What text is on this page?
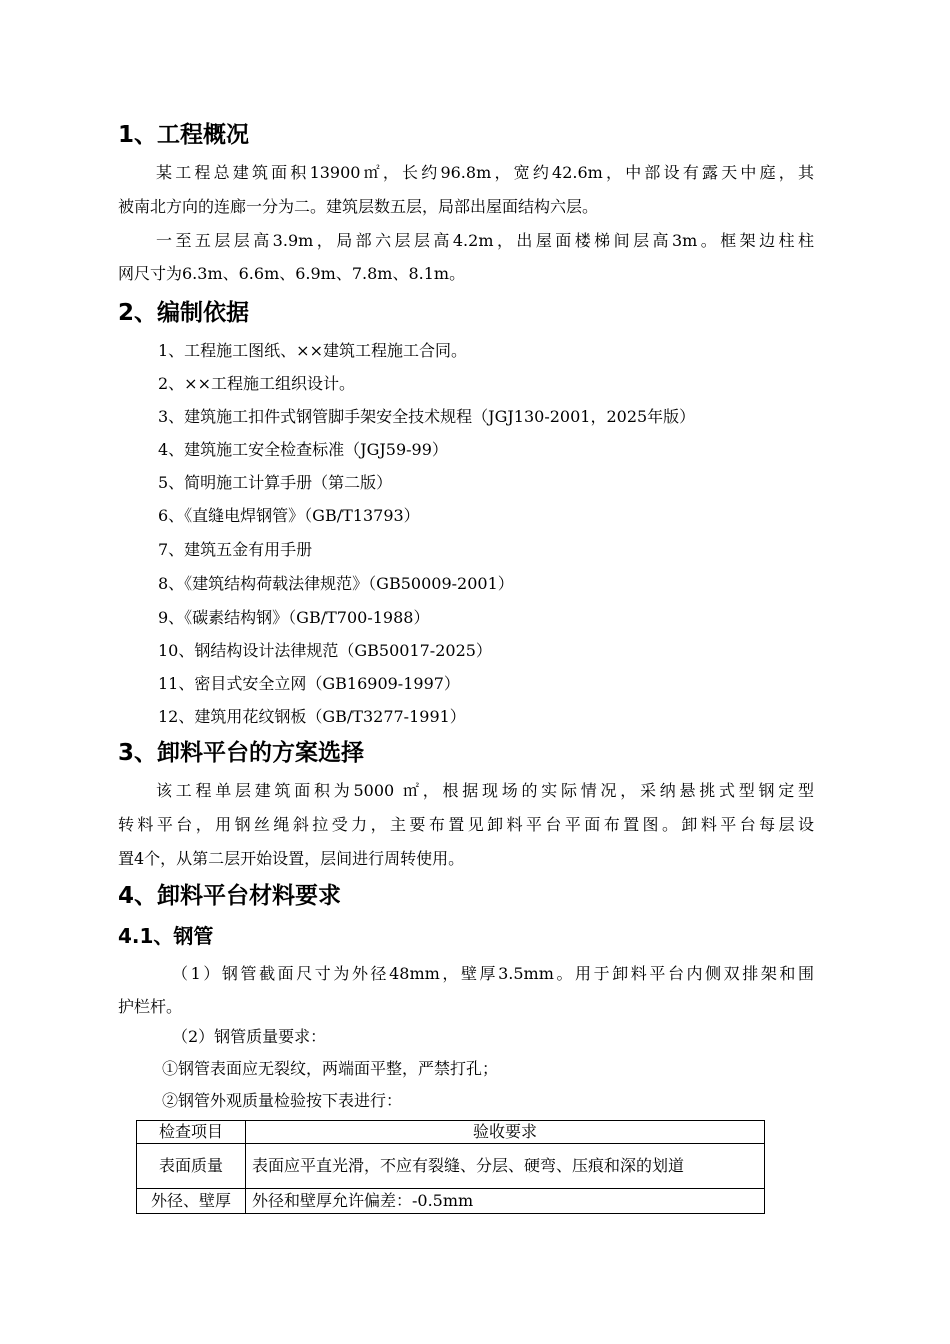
1、工程概况
某工程总建筑面积13900㎡，长约96.8m，宽约42.6m，中部设有露天中庭，其
被南北方向的连廊一分为二。建筑层数五层，局部出屋面结构六层。
一至五层层高3.9m，局部六层层高4.2m，出屋面楼梯间层高3m。框架边柱柱
网尺寸为6.3m、6.6m、6.9m、7.8m、8.1m。
2、编制依据
1、工程施工图纸、××建筑工程施工合同。
2、××工程施工组织设计。
3、建筑施工扣件式钢管脚手架安全技术规程（JGJ130-2001，2025年版）
4、建筑施工安全检查标准（JGJ59-99）
5、简明施工计算手册（第二版）
6、《直缝电焊钢管》（GB/T13793）
7、建筑五金有用手册
8、《建筑结构荷载法律规范》（GB50009-2001）
9、《碳素结构钢》（GB/T700-1988）
10、钢结构设计法律规范（GB50017-2025）
11、密目式安全立网（GB16909-1997）
12、建筑用花纹钢板（GB/T3277-1991）
3、卸料平台的方案选择
该工程单层建筑面积为5000 ㎡，根据现场的实际情况，采纳悬挑式型钢定型
转料平台，用钢丝绳斜拉受力，主要布置见卸料平台平面布置图。卸料平台每层设
置4个，从第二层开始设置，层间进行周转使用。
4、卸料平台材料要求
4.1、钢管
（1）钢管截面尺寸为外径48mm，壁厚3.5mm。用于卸料平台内侧双排架和围
护栏杆。
（2）钢管质量要求：
①钢管表面应无裂纹，两端面平整，严禁打孔；
②钢管外观质量检验按下表进行：
检查项目	验收要求
表面质量	表面应平直光滑，不应有裂缝、分层、硬弯、压痕和深的划道
外径、壁厚	外径和壁厚允许偏差：-0.5mm
